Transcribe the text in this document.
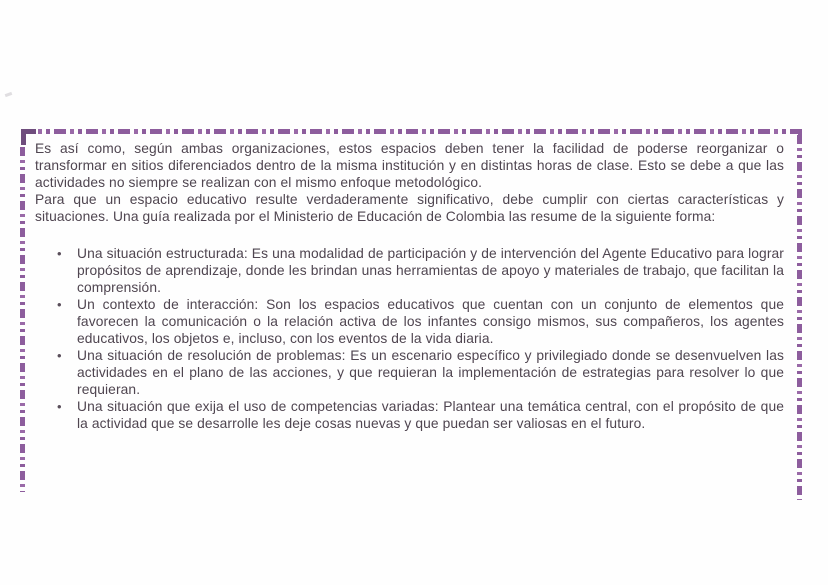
Es así como, según ambas organizaciones, estos espacios deben tener la facilidad de poderse reorganizar o transformar en sitios diferenciados dentro de la misma institución y en distintas horas de clase. Esto se debe a que las actividades no siempre se realizan con el mismo enfoque metodológico.

Para que un espacio educativo resulte verdaderamente significativo, debe cumplir con ciertas características y situaciones. Una guía realizada por el Ministerio de Educación de Colombia las resume de la siguiente forma:

• Una situación estructurada: Es una modalidad de participación y de intervención del Agente Educativo para lograr propósitos de aprendizaje, donde les brindan unas herramientas de apoyo y materiales de trabajo, que facilitan la comprensión.
• Un contexto de interacción: Son los espacios educativos que cuentan con un conjunto de elementos que favorecen la comunicación o la relación activa de los infantes consigo mismos, sus compañeros, los agentes educativos, los objetos e, incluso, con los eventos de la vida diaria.
• Una situación de resolución de problemas: Es un escenario específico y privilegiado donde se desenvuelven las actividades en el plano de las acciones, y que requieran la implementación de estrategias para resolver lo que requieran.
• Una situación que exija el uso de competencias variadas: Plantear una temática central, con el propósito de que la actividad que se desarrolle les deje cosas nuevas y que puedan ser valiosas en el futuro.
